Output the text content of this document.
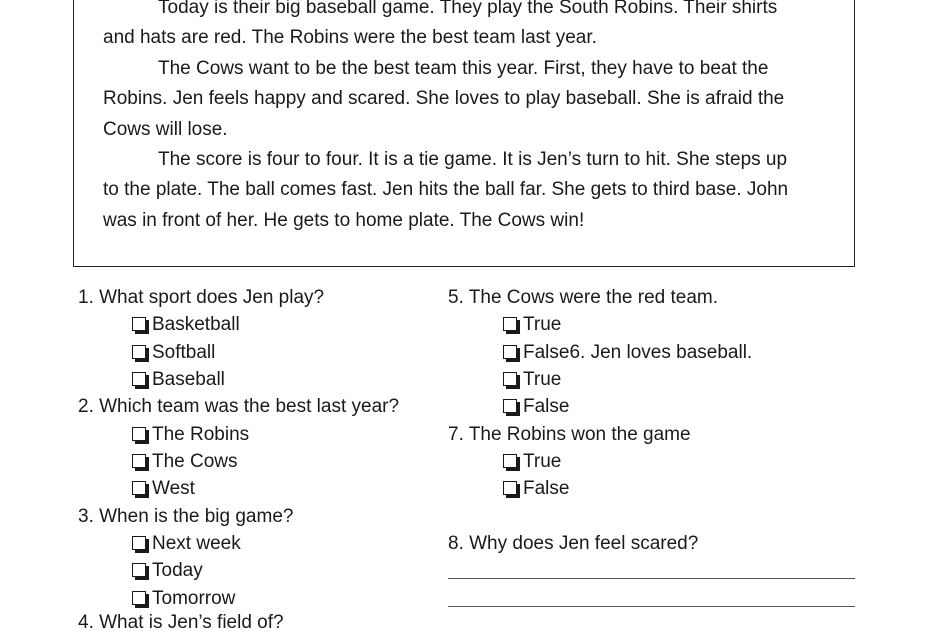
Today is their big baseball game. They play the South Robins. Their shirts
and hats are red. The Robins were the best team last year.
The Cows want to be the best team this year. First, they have to beat the
Robins. Jen feels happy and scared. She loves to play baseball. She is afraid the
Cows will lose.
The score is four to four. It is a tie game. It is Jen’s turn to hit. She steps up
to the plate. The ball comes fast. Jen hits the ball far. She gets to third base. John
was in front of her. He gets to home plate. The Cows win!
1. What sport does Jen play?
Basketball
Softball
Baseball
2. Which team was the best last year?
The Robins
The Cows
West
3. When is the big game?
Next week
Today
Tomorrow
4. What is Jen’s field of?
5. The Cows were the red team.
True
False6. Jen loves baseball.
True
False
7. The Robins won the game
True
False
8. Why does Jen feel scared?
